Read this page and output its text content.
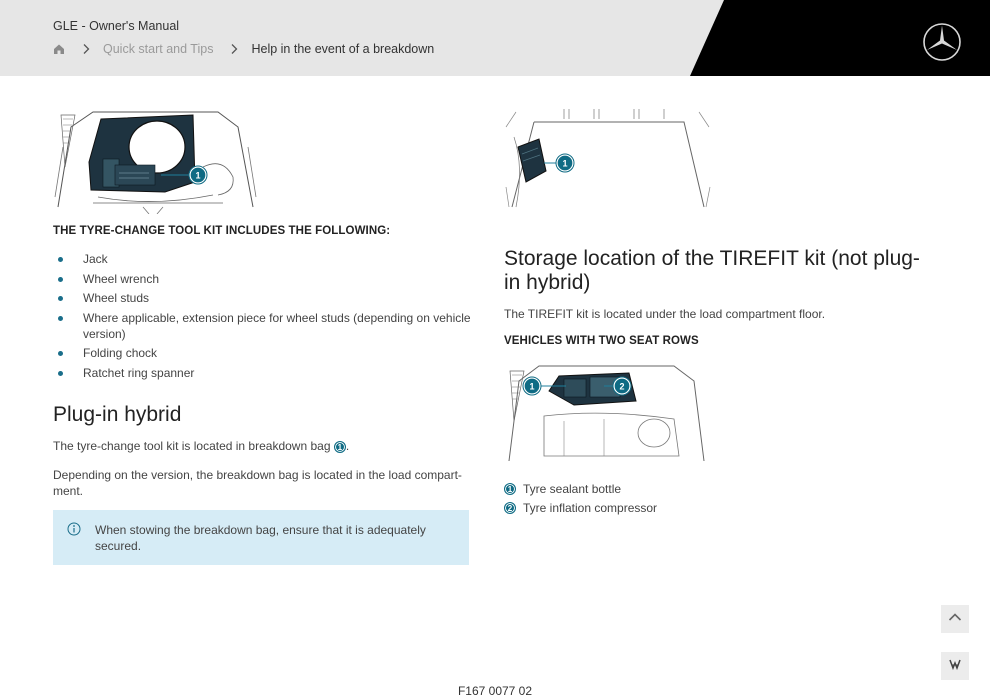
GLE - Owner's Manual
Quick start and Tips	Help in the event of a breakdown
1
THE TYRE-CHANGE TOOL KIT INCLUDES THE FOLLOWING:
Jack
Wheel wrench
Wheel studs
Where applicable, extension piece for wheel studs (depending on vehicle version)
Folding chock
Ratchet ring spanner
Plug-in hybrid
The tyre-change tool kit is located in breakdown bag 1 .
Depending on the version, the breakdown bag is located in the load compart-
ment.
When stowing the breakdown bag, ensure that it is adequately secured.
1
Storage location of the TIREFIT kit (not plug-in hybrid)
The TIREFIT kit is located under the load compartment floor.
VEHICLES WITH TWO SEAT ROWS
1	2
1 Tyre sealant bottle
2 Tyre inflation compressor
F167 0077 02
